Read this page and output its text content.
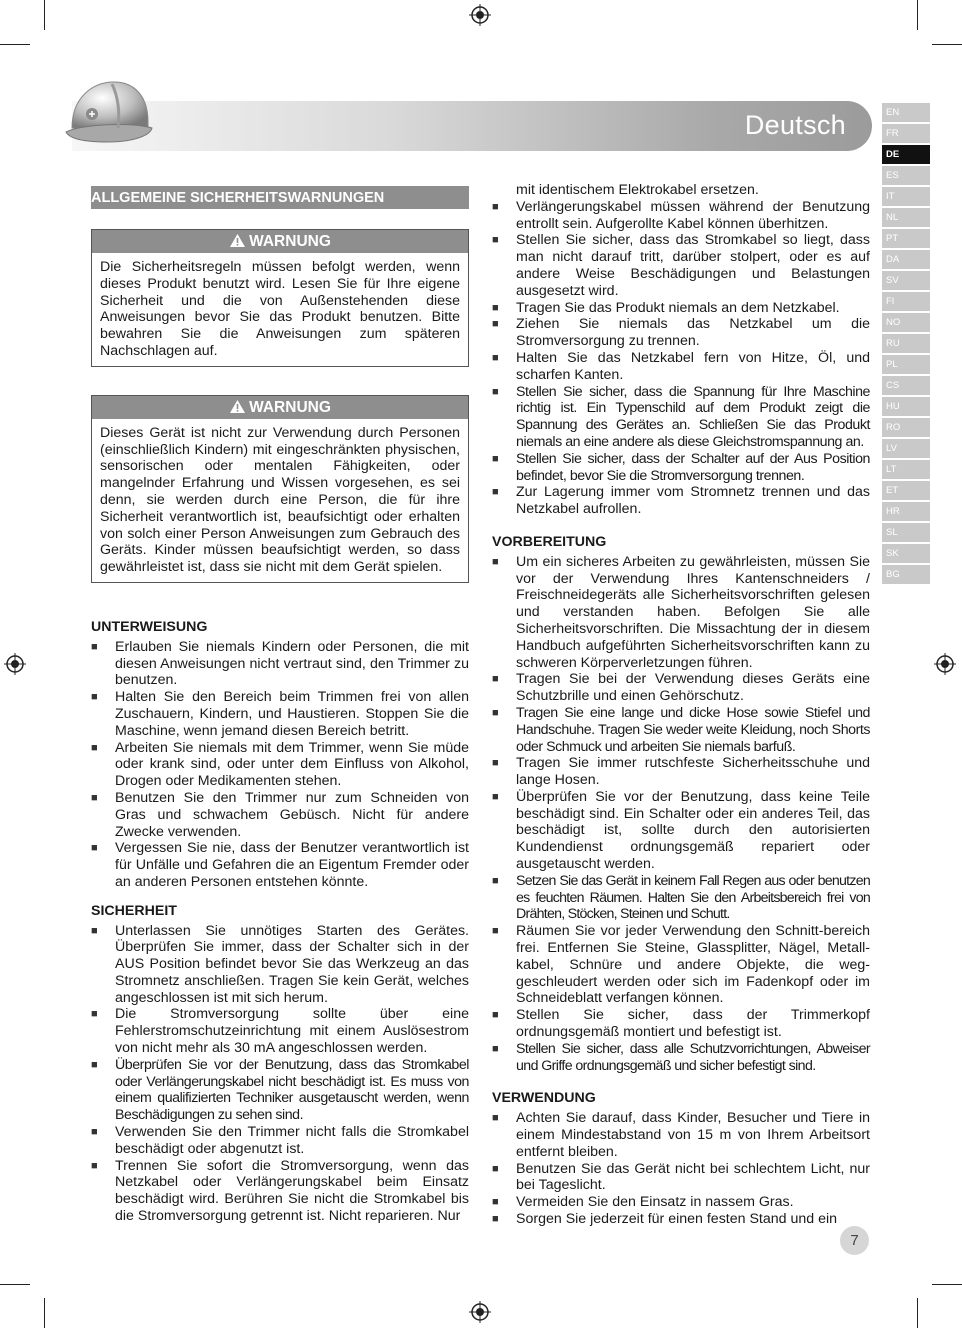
Deutsch	EN
FR
DE
ES
IT
NL
PT
DA
SV
FI
NO
RU
PL
CS
HU
RO
LV
LT
ET
HR
SL
SK
BG
ALLGEMEINE SICHERHEITSWARNUNGEN
WARNUNG
Die Sicherheitsregeln müssen befolgt werden, wenn dieses Produkt benutzt wird. Lesen Sie für Ihre eigene Sicherheit und die von Außenstehenden diese Anweisungen bevor Sie das Produkt benutzen. Bitte bewahren Sie die Anweisungen zum späteren Nachschlagen auf.
WARNUNG
Dieses Gerät ist nicht zur Verwendung durch Personen (einschließlich Kindern) mit eingeschränkten physischen, sensorischen oder mentalen Fähigkeiten, oder mangelnder Erfahrung und Wissen vorgesehen, es sei denn, sie werden durch eine Person, die für ihre Sicherheit verantwortlich ist, beaufsichtigt oder erhalten von solch einer Person Anweisungen zum Gebrauch des Geräts. Kinder müssen beaufsichtigt werden, so dass gewährleistet ist, dass sie nicht mit dem Gerät spielen.
UNTERWEISUNG
■ Erlauben Sie niemals Kindern oder Personen, die mit diesen Anweisungen nicht vertraut sind, den Trimmer zu benutzen.
■ Halten Sie den Bereich beim Trimmen frei von allen Zuschauern, Kindern, und Haustieren. Stoppen Sie die Maschine, wenn jemand diesen Bereich betritt.
■ Arbeiten Sie niemals mit dem Trimmer, wenn Sie müde oder krank sind, oder unter dem Einfluss von Alkohol, Drogen oder Medikamenten stehen.
■ Benutzen Sie den Trimmer nur zum Schneiden von Gras und schwachem Gebüsch. Nicht für andere Zwecke verwenden.
■ Vergessen Sie nie, dass der Benutzer verantwortlich ist für Unfälle und Gefahren die an Eigentum Fremder oder an anderen Personen entstehen könnte.
SICHERHEIT
■ Unterlassen Sie unnötiges Starten des Gerätes. Überprüfen Sie immer, dass der Schalter sich in der AUS Position befindet bevor Sie das Werkzeug an das Stromnetz anschließen. Tragen Sie kein Gerät, welches angeschlossen ist mit sich herum.
■ Die Stromversorgung sollte über eine Fehlerstromschutzeinrichtung mit einem Auslösestrom von nicht mehr als 30 mA angeschlossen werden.
■ Überprüfen Sie vor der Benutzung, dass das Stromkabel oder Verlängerungskabel nicht beschädigt ist. Es muss von einem qualifizierten Techniker ausgetauscht werden, wenn Beschädigungen zu sehen sind.
■ Verwenden Sie den Trimmer nicht falls die Stromkabel beschädigt oder abgenutzt ist.
■ Trennen Sie sofort die Stromversorgung, wenn das Netzkabel oder Verlängerungskabel beim Einsatz beschädigt wird. Berühren Sie nicht die Stromkabel bis die Stromversorgung getrennt ist. Nicht reparieren. Nur
mit identischem Elektrokabel ersetzen.
■ Verlängerungskabel müssen während der Benutzung entrollt sein. Aufgerollte Kabel können überhitzen.
■ Stellen Sie sicher, dass das Stromkabel so liegt, dass man nicht darauf tritt, darüber stolpert, oder es auf andere Weise Beschädigungen und Belastungen ausgesetzt wird.
■ Tragen Sie das Produkt niemals an dem Netzkabel.
■ Ziehen Sie niemals das Netzkabel um die Stromversorgung zu trennen.
■ Halten Sie das Netzkabel fern von Hitze, Öl, und scharfen Kanten.
■ Stellen Sie sicher, dass die Spannung für Ihre Maschine richtig ist. Ein Typenschild auf dem Produkt zeigt die Spannung des Gerätes an. Schließen Sie das Produkt niemals an eine andere als diese Gleichstromspannung an.
■ Stellen Sie sicher, dass der Schalter auf der Aus Position befindet, bevor Sie die Stromversorgung trennen.
■ Zur Lagerung immer vom Stromnetz trennen und das Netzkabel aufrollen.
VORBEREITUNG
■ Um ein sicheres Arbeiten zu gewährleisten, müssen Sie vor der Verwendung Ihres Kantenschneiders / Freischneidegeräts alle Sicherheitsvorschriften gelesen und verstanden haben. Befolgen Sie alle Sicherheitsvorschriften. Die Missachtung der in diesem Handbuch aufgeführten Sicherheitsvorschriften kann zu schweren Körperverletzungen führen.
■ Tragen Sie bei der Verwendung dieses Geräts eine Schutzbrille und einen Gehörschutz.
■ Tragen Sie eine lange und dicke Hose sowie Stiefel und Handschuhe. Tragen Sie weder weite Kleidung, noch Shorts oder Schmuck und arbeiten Sie niemals barfuß.
■ Tragen Sie immer rutschfeste Sicherheitsschuhe und lange Hosen.
■ Überprüfen Sie vor der Benutzung, dass keine Teile beschädigt sind. Ein Schalter oder ein anderes Teil, das beschädigt ist, sollte durch den autorisierten Kundendienst ordnungsgemäß repariert oder ausgetauscht werden.
■ Setzen Sie das Gerät in keinem Fall Regen aus oder benutzen es feuchten Räumen. Halten Sie den Arbeitsbereich frei von Drähten, Stöcken, Steinen und Schutt.
■ Räumen Sie vor jeder Verwendung den Schnitt-bereich frei. Entfernen Sie Steine, Glassplitter, Nägel, Metall-kabel, Schnüre und andere Objekte, die weg-geschleudert werden oder sich im Fadenkopf oder im Schneideblatt verfangen können.
■ Stellen Sie sicher, dass der Trimmerkopf ordnungsgemäß montiert und befestigt ist.
■ Stellen Sie sicher, dass alle Schutzvorrichtungen, Abweiser und Griffe ordnungsgemäß und sicher befestigt sind.
VERWENDUNG
■ Achten Sie darauf, dass Kinder, Besucher und Tiere in einem Mindestabstand von 15 m von Ihrem Arbeitsort entfernt bleiben.
■ Benutzen Sie das Gerät nicht bei schlechtem Licht, nur bei Tageslicht.
■ Vermeiden Sie den Einsatz in nassem Gras.
■ Sorgen Sie jederzeit für einen festen Stand und ein
7
